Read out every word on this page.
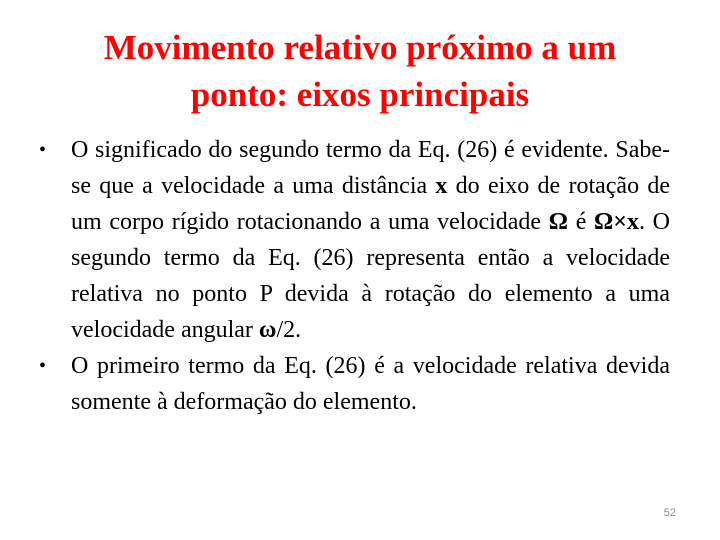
Movimento relativo próximo a um
ponto: eixos principais
• O significado do segundo termo da Eq. (26) é evidente. Sabe-se que a velocidade a uma distância x do eixo de rotação de um corpo rígido rotacionando a uma velocidade Ω é Ω×x. O segundo termo da Eq. (26) representa então a velocidade relativa no ponto P devida à rotação do elemento a uma velocidade angular ω/2.
• O primeiro termo da Eq. (26) é a velocidade relativa devida somente à deformação do elemento.
52
